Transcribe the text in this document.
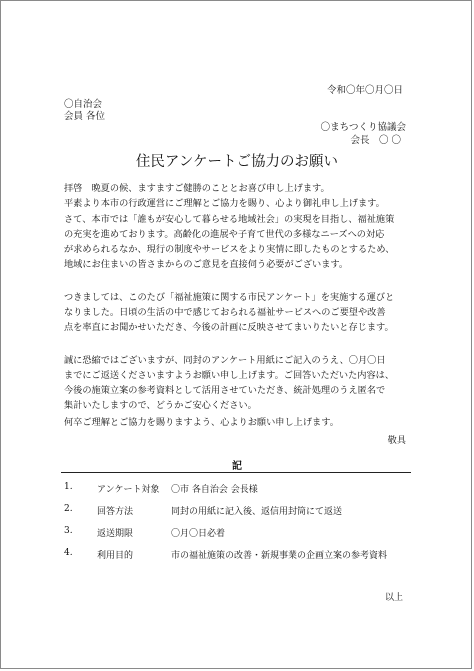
令和〇年〇月〇日
〇自治会
会員 各位
〇まちつくり協議会
会長　〇 〇
住民アンケートご協力のお願い
拝啓　晩夏の候、ますますご健勝のこととお喜び申し上げます。
平素より本市の行政運営にご理解とご協力を賜り、心より御礼申し上げます。
さて、本市では「誰もが安心して暮らせる地域社会」の実現を目指し、福祉施策
の充実を進めております。高齢化の進展や子育て世代の多様なニーズへの対応
が求められるなか、現行の制度やサービスをより実情に即したものとするため、
地域にお住まいの皆さまからのご意見を直接伺う必要がございます。
つきましては、このたび「福祉施策に関する市民アンケート」を実施する運びと
なりました。日頃の生活の中で感じておられる福祉サービスへのご要望や改善
点を率直にお聞かせいただき、今後の計画に反映させてまいりたいと存じます。
誠に恐縮ではございますが、同封のアンケート用紙にご記入のうえ、〇月〇日
までにご返送くださいますようお願い申し上げます。ご回答いただいた内容は、
今後の施策立案の参考資料として活用させていただき、統計処理のうえ匿名で
集計いたしますので、どうかご安心ください。
何卒ご理解とご協力を賜りますよう、心よりお願い申し上げます。
敬具
記
1.	アンケート対象 〇市 各自治会 会長様
2.	回答方法	同封の用紙に記入後、返信用封筒にて返送
3.	返送期限	〇月〇日必着
4.	利用目的	市の福祉施策の改善・新規事業の企画立案の参考資料
以上
